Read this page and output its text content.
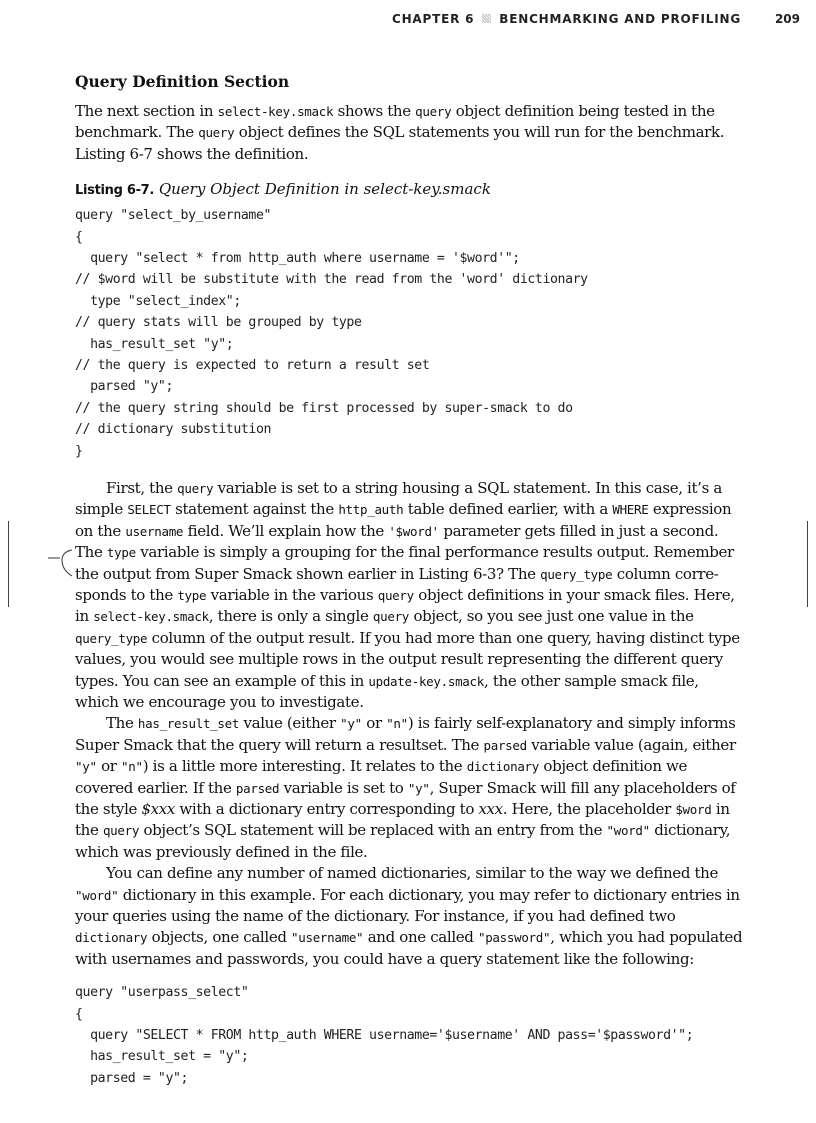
CHAPTER 6 BENCHMARKING AND PROFILING	209
Query Definition Section

The next section in select-key.smack shows the query object definition being tested in the benchmark. The query object defines the SQL statements you will run for the benchmark. Listing 6-7 shows the definition.

Listing 6-7. Query Object Definition in select-key.smack
query "select_by_username"
{
query "select * from http_auth where username = '$word'";
// $word will be substitute with the read from the 'word' dictionary
type "select_index";
// query stats will be grouped by type
has_result_set "y";
// the query is expected to return a result set
parsed "y";
// the query string should be first processed by super-smack to do
// dictionary substitution
}

First, the query variable is set to a string housing a SQL statement. In this case, it’s a simple SELECT statement against the http_auth table defined earlier, with a WHERE expression on the username field. We’ll explain how the '$word' parameter gets filled in just a second. The type variable is simply a grouping for the final performance results output. Remember the output from Super Smack shown earlier in Listing 6-3? The query_type column corresponds to the type variable in the various query object definitions in your smack files. Here, in select-key.smack, there is only a single query object, so you see just one value in the query_type column of the output result. If you had more than one query, having distinct type values, you would see multiple rows in the output result representing the different query types. You can see an example of this in update-key.smack, the other sample smack file, which we encourage you to investigate.

The has_result_set value (either "y" or "n") is fairly self-explanatory and simply informs Super Smack that the query will return a resultset. The parsed variable value (again, either "y" or "n") is a little more interesting. It relates to the dictionary object definition we covered earlier. If the parsed variable is set to "y", Super Smack will fill any placeholders of the style $xxx with a dictionary entry corresponding to xxx. Here, the placeholder $word in the query object’s SQL statement will be replaced with an entry from the "word" dictionary, which was previously defined in the file.

You can define any number of named dictionaries, similar to the way we defined the "word" dictionary in this example. For each dictionary, you may refer to dictionary entries in your queries using the name of the dictionary. For instance, if you had defined two dictionary objects, one called "username" and one called "password", which you had populated with usernames and passwords, you could have a query statement like the following:

query "userpass_select"
{
query "SELECT * FROM http_auth WHERE username='$username' AND pass='$password'";
has_result_set = "y";
parsed = "y";
